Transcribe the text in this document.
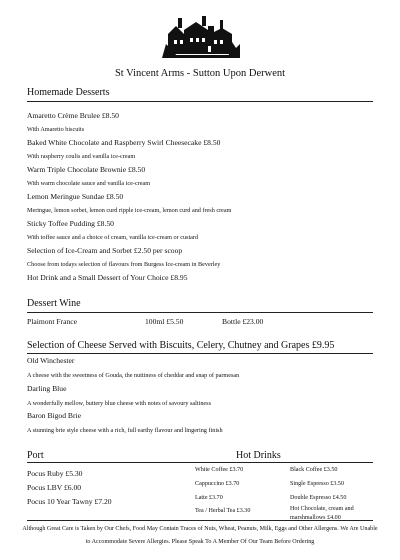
St Vincent Arms - Sutton Upon Derwent
Homemade Desserts
Amaretto Crème Brulee £8.50
With Amaretto biscuits
Baked White Chocolate and Raspberry Swirl Cheesecake £8.50
With raspberry coulis and vanilla ice-cream
Warm Triple Chocolate Brownie £8.50
With warm chocolate sauce and vanilla ice-cream
Lemon Meringue Sundae £8.50
Meringue, lemon sorbet, lemon curd ripple ice-cream, lemon curd and fresh cream
Sticky Toffee Pudding £8.50
With toffee sauce and a choice of cream, vanilla ice-cream or custard
Selection of Ice-Cream and Sorbet £2.50 per scoop
Choose from todays selection of flavours from Burgess Ice-cream in Beverley
Hot Drink and a Small Dessert of Your Choice £8.95
Dessert Wine
Plaimont France	100ml £5.50	Bottle £23.00
Selection of Cheese Served with Biscuits, Celery, Chutney and Grapes £9.95
Old Winchester
A cheese with the sweetness of Gouda, the nuttiness of cheddar and snap of parmesan
Darling Blue
A wonderfully mellow, buttery blue cheese with notes of savoury saltiness
Baron Bigod Brie
A stunning brie style cheese with a rich, full earthy flavour and lingering finish
Port
Pocus Ruby £5.30
Pocus LBV £6.00
Pocus 10 Year Tawny £7.20
Hot Drinks
White Coffee £3.70
Cappuccino £3.70
Latte £3.70
Tea / Herbal Tea £3.30
Black Coffee £3.50
Single Espresso £3.50
Double Espresso £4.50
Hot Chocolate, cream and marshmallows £4.00
Although Great Care is Taken by Our Chefs, Food May Contain Traces of Nuts, Wheat, Peanuts, Milk, Eggs and Other Allergens. We Are Unable to Accommodate Severe Allergies. Please Speak To A Member Of Our Team Before Ordering
